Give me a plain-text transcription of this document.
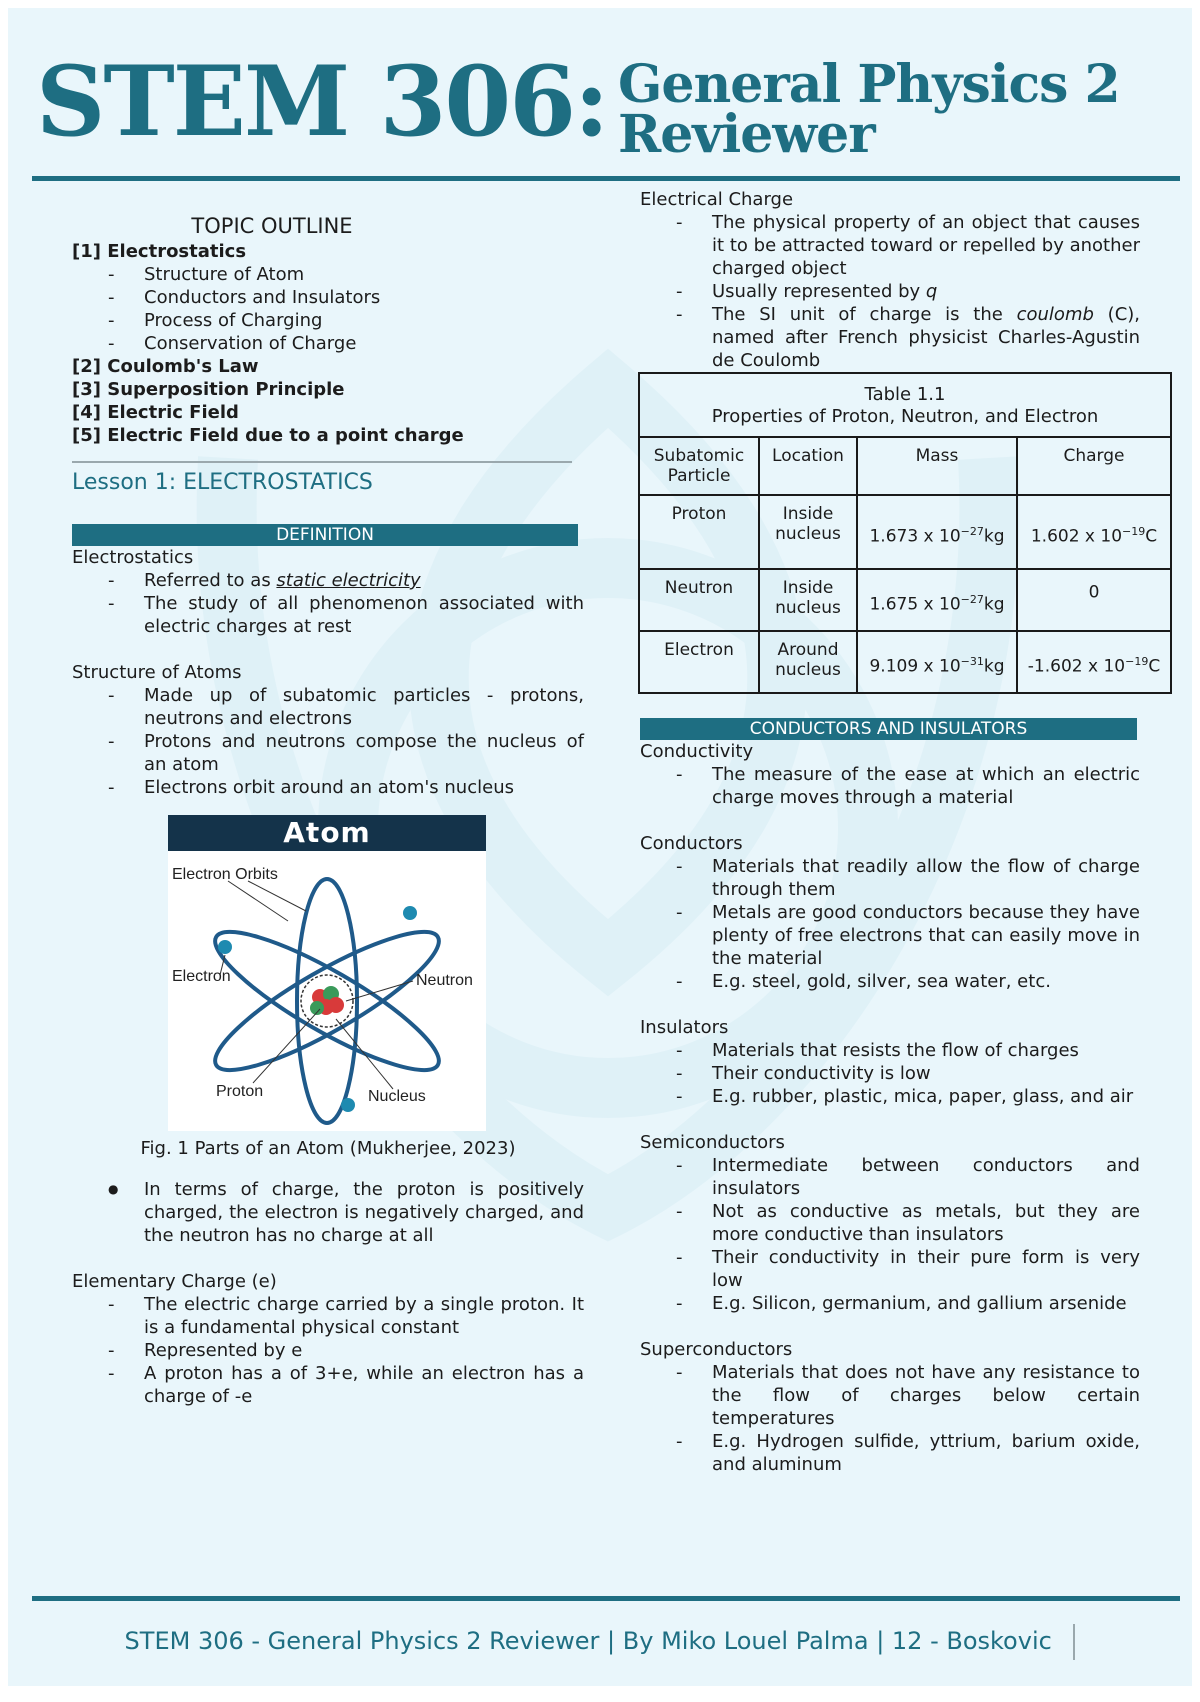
STEM 306: General Physics 2
Reviewer
TOPIC OUTLINE
[1] Electrostatics
- Structure of Atom
- Conductors and Insulators
- Process of Charging
- Conservation of Charge
[2] Coulomb's Law
[3] Superposition Principle
[4] Electric Field
[5] Electric Field due to a point charge
Lesson 1: ELECTROSTATICS
DEFINITION
Electrostatics
- Referred to as static electricity
- The study of all phenomenon associated with electric charges at rest
Structure of Atoms
- Made up of subatomic particles - protons, neutrons and electrons
- Protons and neutrons compose the nucleus of an atom
- Electrons orbit around an atom's nucleus
Atom
Electron Orbits
Electron	Neutron
Proton	Nucleus
Fig. 1 Parts of an Atom (Mukherjee, 2023)
● In terms of charge, the proton is positively charged, the electron is negatively charged, and the neutron has no charge at all
Elementary Charge (e)
- The electric charge carried by a single proton. It is a fundamental physical constant
- Represented by e
- A proton has a of 3+e, while an electron has a charge of -e
Electrical Charge
- The physical property of an object that causes it to be attracted toward or repelled by another charged object
- Usually represented by q
- The SI unit of charge is the coulomb (C), named after French physicist Charles-Agustin de Coulomb
Table 1.1
Properties of Proton, Neutron, and Electron			

Subatomic Particle	Location	Mass	Charge
Proton	Inside nucleus	1.673 x $10^{-27}kg$	1.602 x $10^{-19}C$
Neutron	Inside nucleus	1.675 x $10^{-27}kg$	0
Electron	Around nucleus	9.109 x $10^{-31}kg$	-1.602 x $10^{-19}C$
CONDUCTORS AND INSULATORS
Conductivity
- The measure of the ease at which an electric charge moves through a material
Conductors
- Materials that readily allow the flow of charge through them
- Metals are good conductors because they have plenty of free electrons that can easily move in the material
- E.g. steel, gold, silver, sea water, etc.
Insulators
- Materials that resists the flow of charges
- Their conductivity is low
- E.g. rubber, plastic, mica, paper, glass, and air
Semiconductors
- Intermediate between conductors and insulators
- Not as conductive as metals, but they are more conductive than insulators
- Their conductivity in their pure form is very low
- E.g. Silicon, germanium, and gallium arsenide
Superconductors
- Materials that does not have any resistance to the flow of charges below certain temperatures
- E.g. Hydrogen sulfide, yttrium, barium oxide, and aluminum
STEM 306 - General Physics 2 Reviewer | By Miko Louel Palma | 12 - Boskovic
